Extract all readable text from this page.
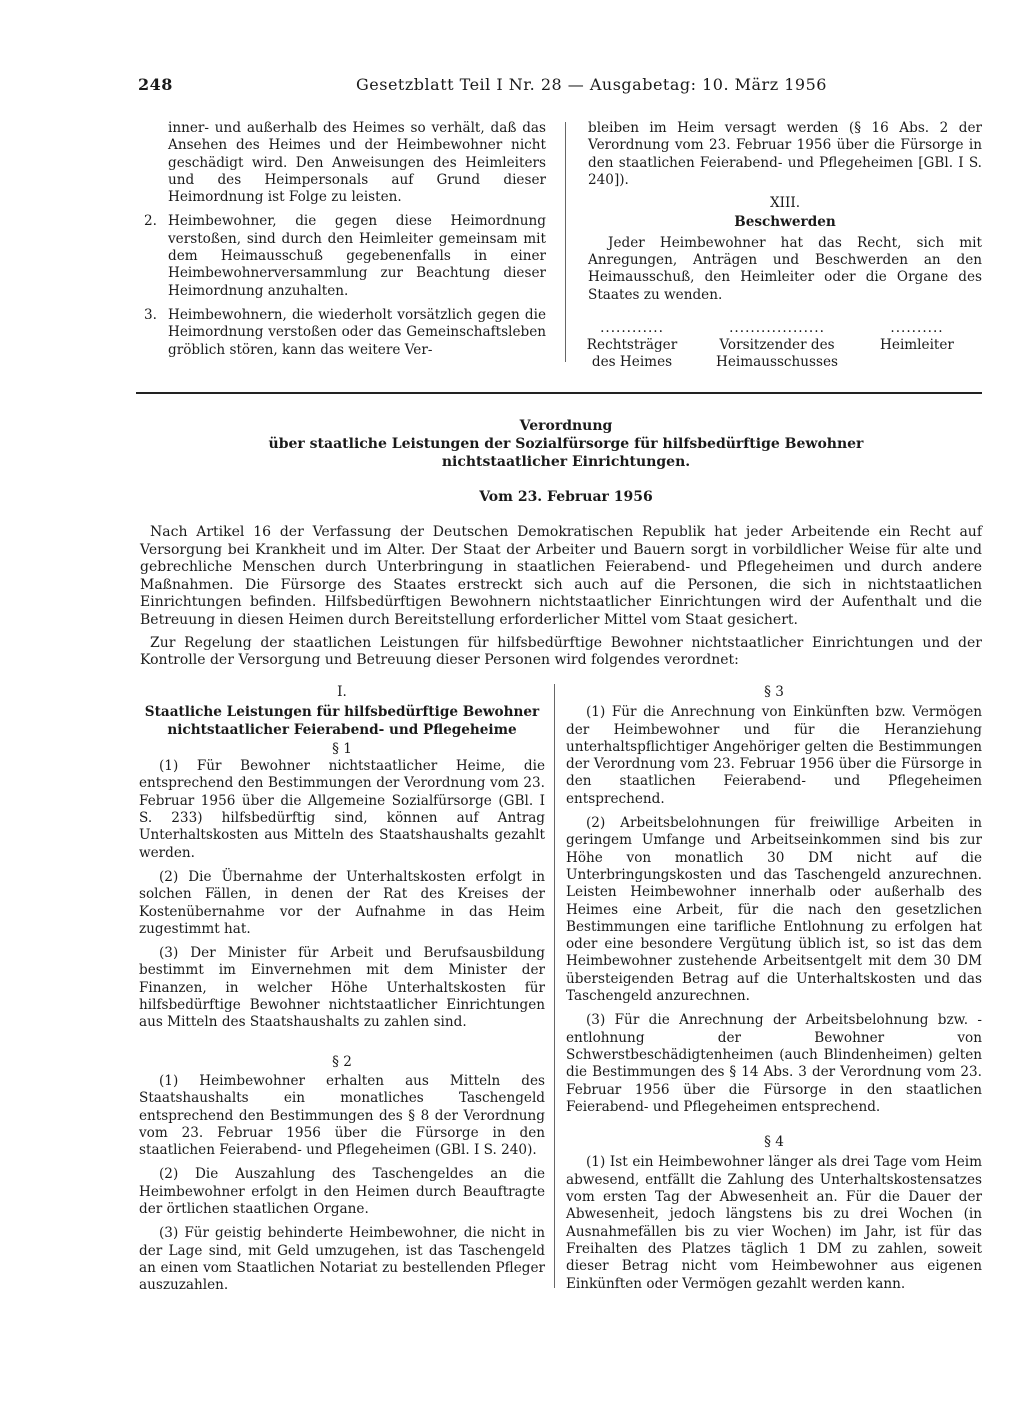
248	Gesetzblatt Teil I Nr. 28 — Ausgabetag: 10. März 1956

inner- und außerhalb des Heimes so verhält, daß das Ansehen des Heimes und der Heimbewohner nicht geschädigt wird. Den Anweisungen des Heimleiters und des Heimpersonals auf Grund dieser Heimordnung ist Folge zu leisten.

2. Heimbewohner, die gegen diese Heimordnung verstoßen, sind durch den Heimleiter gemeinsam mit dem Heimausschuß gegebenenfalls in einer Heimbewohnerversammlung zur Beachtung dieser Heimordnung anzuhalten.
3. Heimbewohnern, die wiederholt vorsätzlich gegen die Heimordnung verstoßen oder das Gemeinschaftsleben gröblich stören, kann das weitere Ver-

bleiben im Heim versagt werden (§ 16 Abs. 2 der Verordnung vom 23. Februar 1956 über die Fürsorge in den staatlichen Feierabend- und Pflegeheimen [GBl. I S. 240]).

XIII.

Beschwerden

Jeder Heimbewohner hat das Recht, sich mit Anregungen, Anträgen und Beschwerden an den Heimausschuß, den Heimleiter oder die Organe des Staates zu wenden.

............
Rechtsträger
des Heimes
..................
Vorsitzender des
Heimausschusses
..........
Heimleiter
Verordnung
über staatliche Leistungen der Sozialfürsorge für hilfsbedürftige Bewohner
nichtstaatlicher Einrichtungen.
Vom 23. Februar 1956

Nach Artikel 16 der Verfassung der Deutschen Demokratischen Republik hat jeder Arbeitende ein Recht auf Versorgung bei Krankheit und im Alter. Der Staat der Arbeiter und Bauern sorgt in vorbildlicher Weise für alte und gebrechliche Menschen durch Unterbringung in staatlichen Feierabend- und Pflegeheimen und durch andere Maßnahmen. Die Fürsorge des Staates erstreckt sich auch auf die Personen, die sich in nichtstaatlichen Einrichtungen befinden. Hilfsbedürftigen Bewohnern nichtstaatlicher Einrichtungen wird der Aufenthalt und die Betreuung in diesen Heimen durch Bereitstellung erforderlicher Mittel vom Staat gesichert.

Zur Regelung der staatlichen Leistungen für hilfsbedürftige Bewohner nichtstaatlicher Einrichtungen und der Kontrolle der Versorgung und Betreuung dieser Personen wird folgendes verordnet:

I.

Staatliche Leistungen für hilfsbedürftige Bewohner

nichtstaatlicher Feierabend- und Pflegeheime

§ 1

(1) Für Bewohner nichtstaatlicher Heime, die entsprechend den Bestimmungen der Verordnung vom 23. Februar 1956 über die Allgemeine Sozialfürsorge (GBl. I S. 233) hilfsbedürftig sind, können auf Antrag Unterhaltskosten aus Mitteln des Staatshaushalts gezahlt werden.

(2) Die Übernahme der Unterhaltskosten erfolgt in solchen Fällen, in denen der Rat des Kreises der Kostenübernahme vor der Aufnahme in das Heim zugestimmt hat.

(3) Der Minister für Arbeit und Berufsausbildung bestimmt im Einvernehmen mit dem Minister der Finanzen, in welcher Höhe Unterhaltskosten für hilfsbedürftige Bewohner nichtstaatlicher Einrichtungen aus Mitteln des Staatshaushalts zu zahlen sind.

§ 2

(1) Heimbewohner erhalten aus Mitteln des Staatshaushalts ein monatliches Taschengeld entsprechend den Bestimmungen des § 8 der Verordnung vom 23. Februar 1956 über die Fürsorge in den staatlichen Feierabend- und Pflegeheimen (GBl. I S. 240).

(2) Die Auszahlung des Taschengeldes an die Heimbewohner erfolgt in den Heimen durch Beauftragte der örtlichen staatlichen Organe.

(3) Für geistig behinderte Heimbewohner, die nicht in der Lage sind, mit Geld umzugehen, ist das Taschengeld an einen vom Staatlichen Notariat zu bestellenden Pfleger auszuzahlen.

§ 3

(1) Für die Anrechnung von Einkünften bzw. Vermögen der Heimbewohner und für die Heranziehung unterhaltspflichtiger Angehöriger gelten die Bestimmungen der Verordnung vom 23. Februar 1956 über die Fürsorge in den staatlichen Feierabend- und Pflegeheimen entsprechend.

(2) Arbeitsbelohnungen für freiwillige Arbeiten in geringem Umfange und Arbeitseinkommen sind bis zur Höhe von monatlich 30 DM nicht auf die Unterbringungskosten und das Taschengeld anzurechnen. Leisten Heimbewohner innerhalb oder außerhalb des Heimes eine Arbeit, für die nach den gesetzlichen Bestimmungen eine tarifliche Entlohnung zu erfolgen hat oder eine besondere Vergütung üblich ist, so ist das dem Heimbewohner zustehende Arbeitsentgelt mit dem 30 DM übersteigenden Betrag auf die Unterhaltskosten und das Taschengeld anzurechnen.

(3) Für die Anrechnung der Arbeitsbelohnung bzw. -entlohnung der Bewohner von Schwerstbeschädigtenheimen (auch Blindenheimen) gelten die Bestimmungen des § 14 Abs. 3 der Verordnung vom 23. Februar 1956 über die Fürsorge in den staatlichen Feierabend- und Pflegeheimen entsprechend.

§ 4

(1) Ist ein Heimbewohner länger als drei Tage vom Heim abwesend, entfällt die Zahlung des Unterhaltskostensatzes vom ersten Tag der Abwesenheit an. Für die Dauer der Abwesenheit, jedoch längstens bis zu drei Wochen (in Ausnahmefällen bis zu vier Wochen) im Jahr, ist für das Freihalten des Platzes täglich 1 DM zu zahlen, soweit dieser Betrag nicht vom Heimbewohner aus eigenen Einkünften oder Vermögen gezahlt werden kann.
